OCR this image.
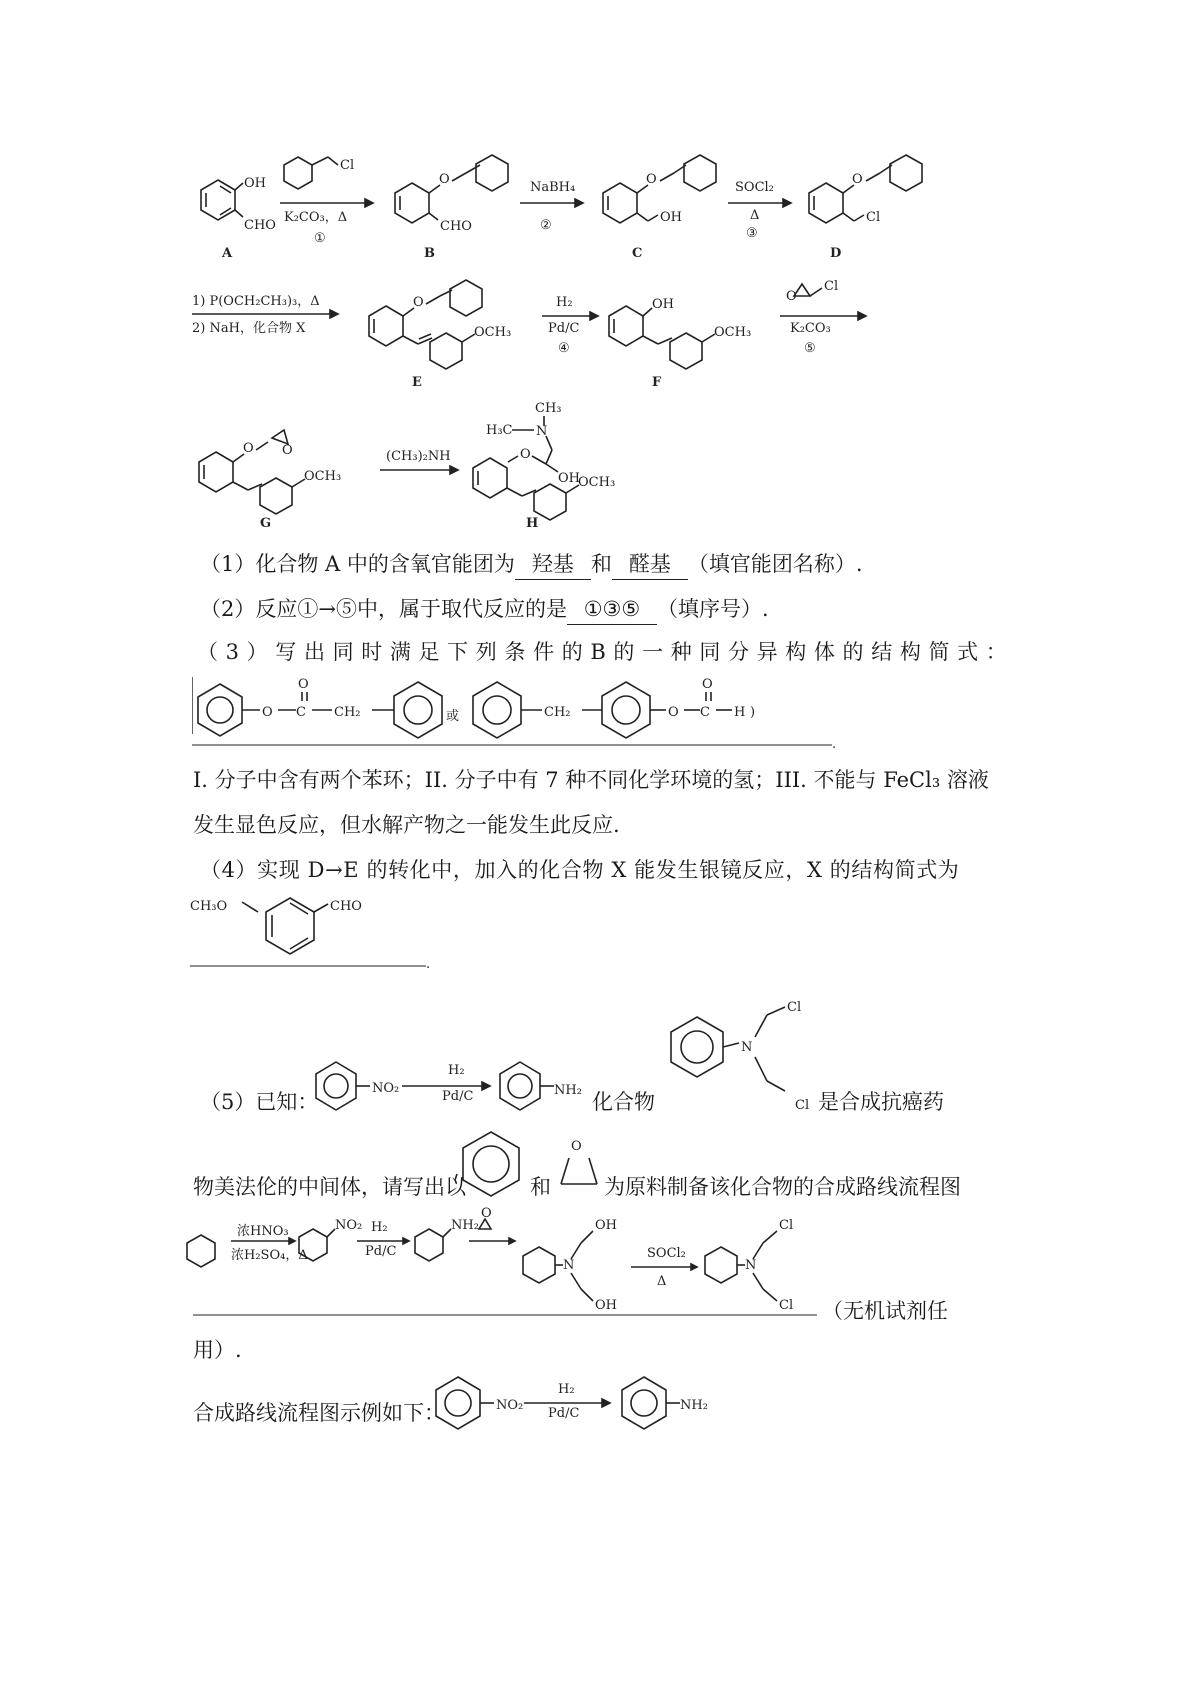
OH
CHO
A
Cl
K₂CO₃，Δ
①
O
CHO
B
NaBH₄
②
O
OH
C
SOCl₂
Δ
③
O
Cl
D
1) P(OCH₂CH₃)₃，Δ
2) NaH，化合物 X
O
OCH₃
E
H₂
Pd/C
④
OH
OCH₃
F
O
Cl
K₂CO₃
⑤
O O
OCH₃
G
(CH₃)₂NH
CH₃
H₃C N
OH
O
OCH₃
H
（1）化合物 A 中的含氧官能团为 羟基 和 醛基 （填官能团名称）.
（2）反应①→⑤中，属于取代反应的是 ①③⑤ （填序号）.
（ 3 ） 写 出 同 时 满 足 下 列 条 件 的 B 的 一 种 同 分 异 构 体 的 结 构 简 式 ：
O C
O
CH₂	或	CH₂	O C
O
H )
.
I. 分子中含有两个苯环；II. 分子中有 7 种不同化学环境的氢；III. 不能与 FeCl₃ 溶液
发生显色反应，但水解产物之一能发生此反应.
（4）实现 D→E 的转化中，加入的化合物 X 能发生银镜反应，X 的结构简式为
CH₃O	CHO
.
（5）已知：
NO₂
H₂
Pd/C	NH₂ 化合物
N
Cl
Cl 是合成抗癌药
物美法伦的中间体，请写出以	和
O
为原料制备该化合物的合成路线流程图
浓HNO₃
浓H₂SO₄，Δ
NO₂ H₂
Pd/C
NH₂
O
N
OH
OH
SOCl₂
Δ
N
Cl
Cl （无机试剂任
用）.
合成路线流程图示例如下：	NO₂
H₂
Pd/C
NH₂
